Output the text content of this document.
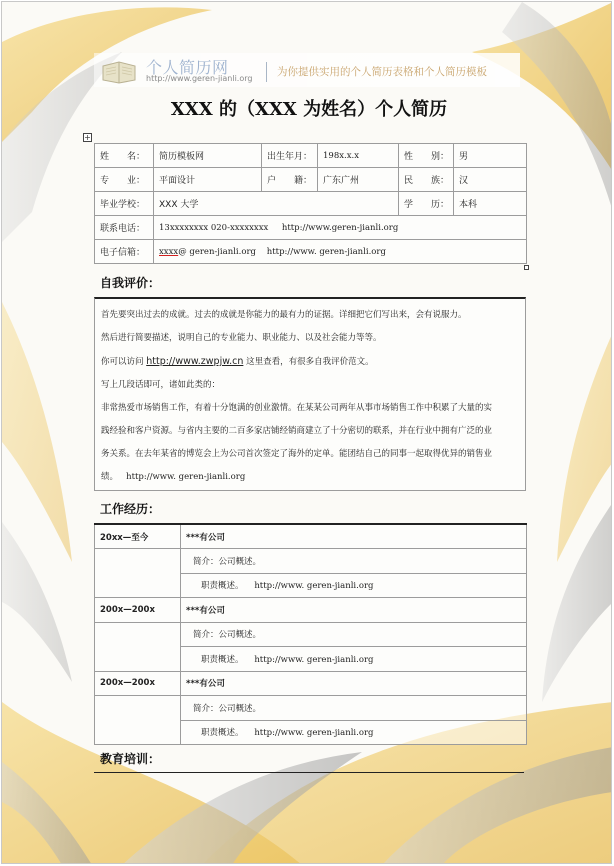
个人简历网
http://www.geren-jianli.org
为你提供实用的个人简历表格和个人简历模板
XXX 的（XXX 为姓名）个人简历
+
姓　　名：	简历模板网	出生年月：	198x.x.x	性　　别：	男
专　　业：	平面设计	户　　籍：	广东广州	民　　族：	汉
毕业学校：	XXX 大学			学　　历：	本科
联系电话：	13xxxxxxxx 020-xxxxxxxx http://www.geren-jianli.org				
电子信箱：	xxxx@ geren-jianli.org http://www. geren-jianli.org				
自我评价：

首先要突出过去的成就。过去的成就是你能力的最有力的证据。详细把它们写出来，会有说服力。

然后进行简要描述，说明自己的专业能力、职业能力、以及社会能力等等。

你可以访问 http://www.zwpjw.cn 这里查看，有很多自我评价范文。

写上几段话即可，诸如此类的：

非常热爱市场销售工作，有着十分饱满的创业激情。在某某公司两年从事市场销售工作中积累了大量的实

践经验和客户资源。与省内主要的二百多家店铺经销商建立了十分密切的联系，并在行业中拥有广泛的业

务关系。在去年某省的博览会上为公司首次签定了海外的定单。能团结自己的同事一起取得优异的销售业

绩。 http://www. geren-jianli.org

工作经历：
20xx—至今	***有公司
	简介：公司概述。
	职责概述。 http://www. geren-jianli.org
200x—200x	***有公司
	简介：公司概述。
	职责概述。 http://www. geren-jianli.org
200x—200x	***有公司
	简介：公司概述。
	职责概述。 http://www. geren-jianli.org
教育培训：
